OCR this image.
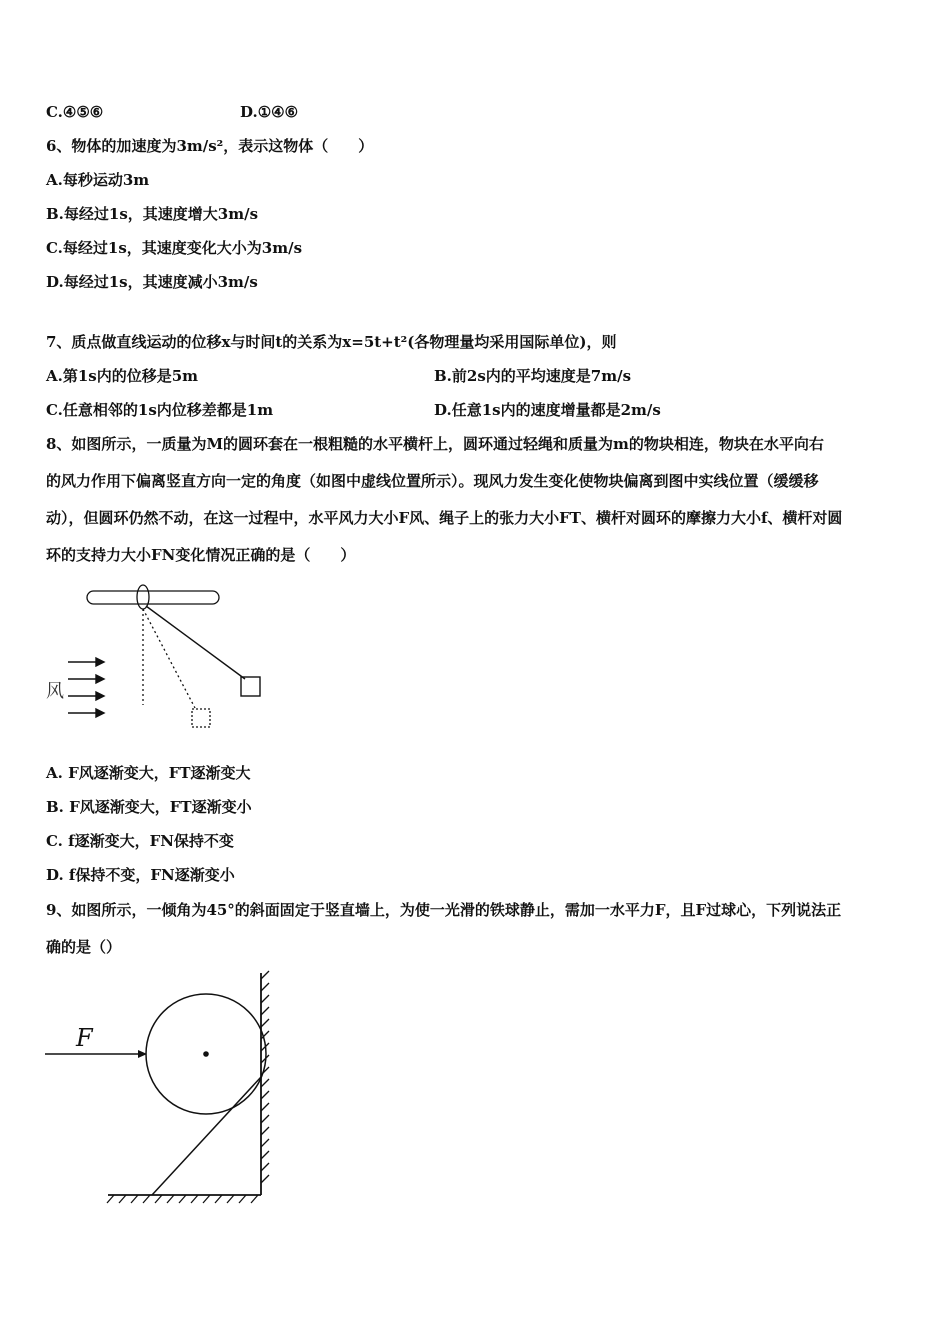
C.④⑤⑥	D.①④⑥
6、物体的加速度为3m/s²，表示这物体（　　）
A.每秒运动3m
B.每经过1s，其速度增大3m/s
C.每经过1s，其速度变化大小为3m/s
D.每经过1s，其速度减小3m/s
7、质点做直线运动的位移x与时间t的关系为x=5t+t²(各物理量均采用国际单位)，则
A.第1s内的位移是5m	B.前2s内的平均速度是7m/s
C.任意相邻的1s内位移差都是1m	D.任意1s内的速度增量都是2m/s
8、如图所示，一质量为M的圆环套在一根粗糙的水平横杆上，圆环通过轻绳和质量为m的物块相连，物块在水平向右
的风力作用下偏离竖直方向一定的角度（如图中虚线位置所示）。现风力发生变化使物块偏离到图中实线位置（缓缓移
动），但圆环仍然不动，在这一过程中，水平风力大小F风、绳子上的张力大小FT、横杆对圆环的摩擦力大小f、横杆对圆
环的支持力大小FN变化情况正确的是（　　）
风
A. F风逐渐变大，FT逐渐变大
B. F风逐渐变大，FT逐渐变小
C. f逐渐变大，FN保持不变
D. f保持不变，FN逐渐变小
9、如图所示，一倾角为45°的斜面固定于竖直墙上，为使一光滑的铁球静止，需加一水平力F，且F过球心，下列说法正
确的是（）
F
